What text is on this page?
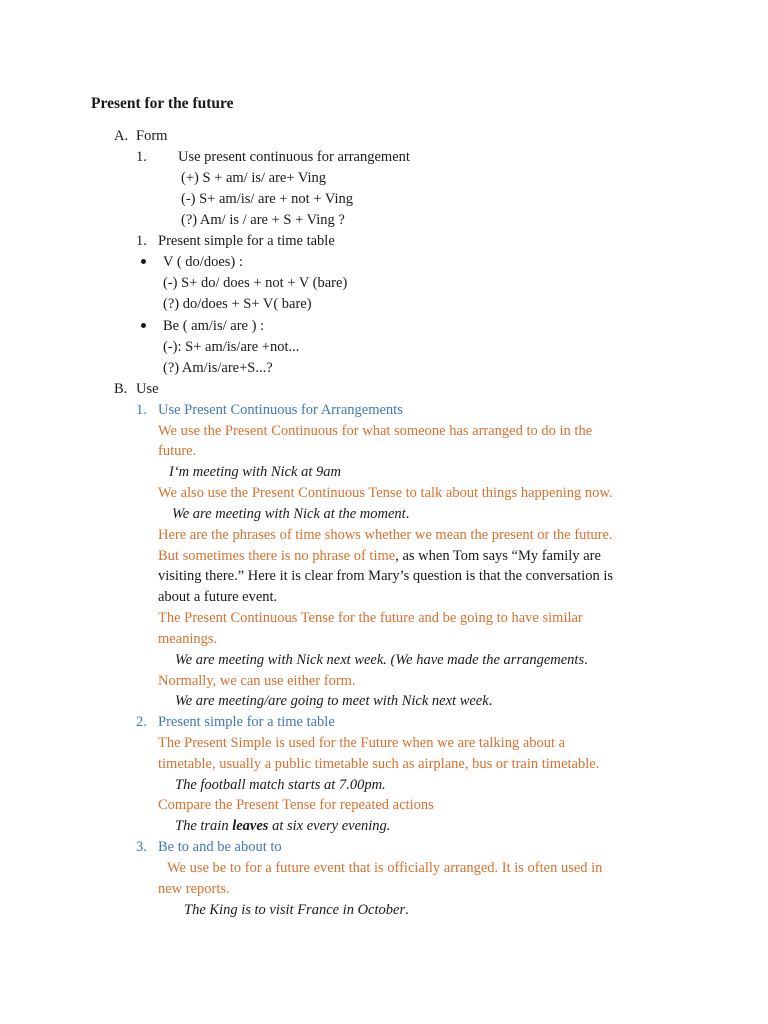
Present for the future
A. Form
1. Use present continuous for arrangement
(+) S + am/ is/ are+ Ving
(-) S+ am/is/ are + not + Ving
(?) Am/ is / are + S + Ving ?
1. Present simple for a time table
V ( do/does) :
(-) S+ do/ does + not + V (bare)
(?) do/does + S+ V( bare)
Be ( am/is/ are ) :
(-): S+ am/is/are +not...
(?) Am/is/are+S...?
B. Use
1. Use Present Continuous for Arrangements
We use the Present Continuous for what someone has arranged to do in the
future.
I‘m meeting with Nick at 9am
We also use the Present Continuous Tense to talk about things happening now.
We are meeting with Nick at the moment.
Here are the phrases of time shows whether we mean the present or the future.
But sometimes there is no phrase of time, as when Tom says “My family are
visiting there.” Here it is clear from Mary’s question is that the conversation is
about a future event.
The Present Continuous Tense for the future and be going to have similar
meanings.
We are meeting with Nick next week. (We have made the arrangements.
Normally, we can use either form.
We are meeting/are going to meet with Nick next week.
2. Present simple for a time table
The Present Simple is used for the Future when we are talking about a
timetable, usually a public timetable such as airplane, bus or train timetable.
The football match starts at 7.00pm.
Compare the Present Tense for repeated actions
The train leaves at six every evening.
3. Be to and be about to
We use be to for a future event that is officially arranged. It is often used in
new reports.
The King is to visit France in October.
